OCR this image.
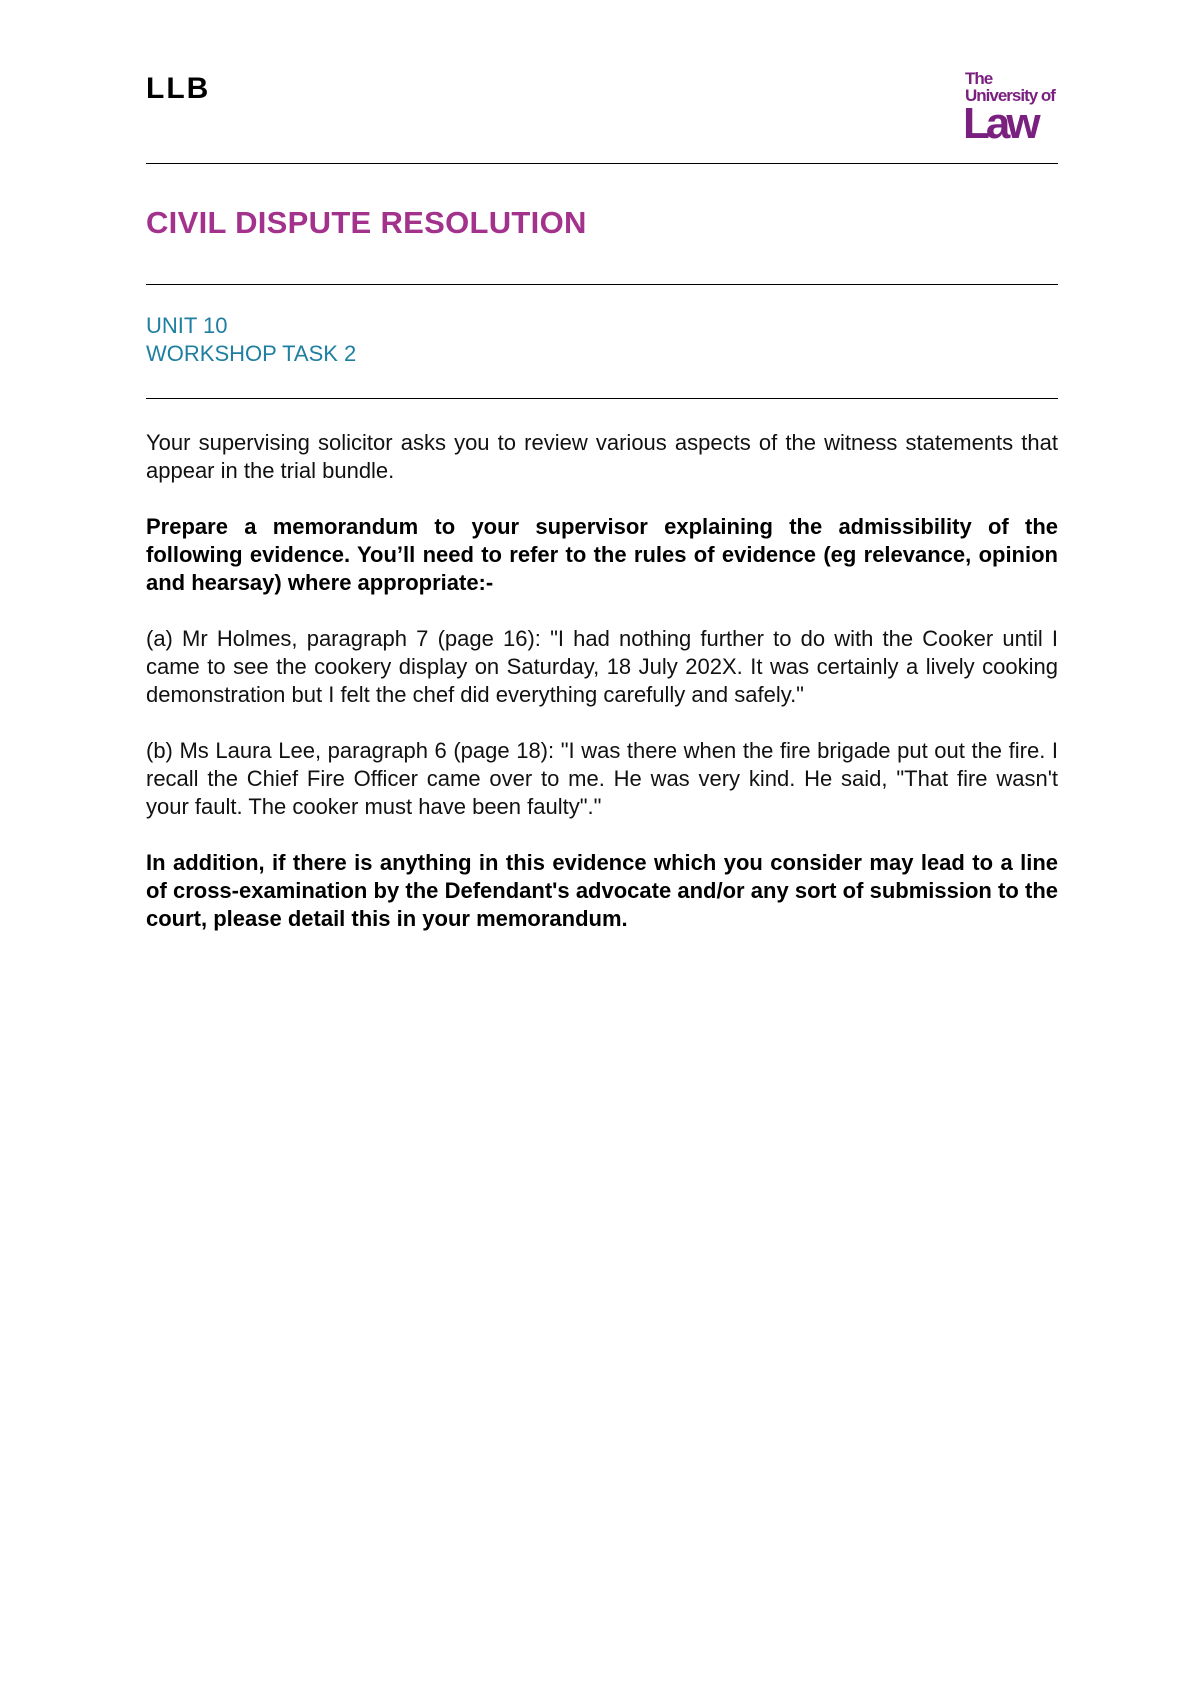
LLB	The
University of
Law
CIVIL DISPUTE RESOLUTION
UNIT 10
WORKSHOP TASK 2
Your supervising solicitor asks you to review various aspects of the witness statements that appear in the trial bundle.
Prepare a memorandum to your supervisor explaining the admissibility of the following evidence. You’ll need to refer to the rules of evidence (eg relevance, opinion and hearsay) where appropriate:-
(a) Mr Holmes, paragraph 7 (page 16): "I had nothing further to do with the Cooker until I came to see the cookery display on Saturday, 18 July 202X. It was certainly a lively cooking demonstration but I felt the chef did everything carefully and safely."
(b) Ms Laura Lee, paragraph 6 (page 18): "I was there when the fire brigade put out the fire. I recall the Chief Fire Officer came over to me. He was very kind. He said, "That fire wasn't your fault. The cooker must have been faulty"."
In addition, if there is anything in this evidence which you consider may lead to a line of cross-examination by the Defendant's advocate and/or any sort of submission to the court, please detail this in your memorandum.
